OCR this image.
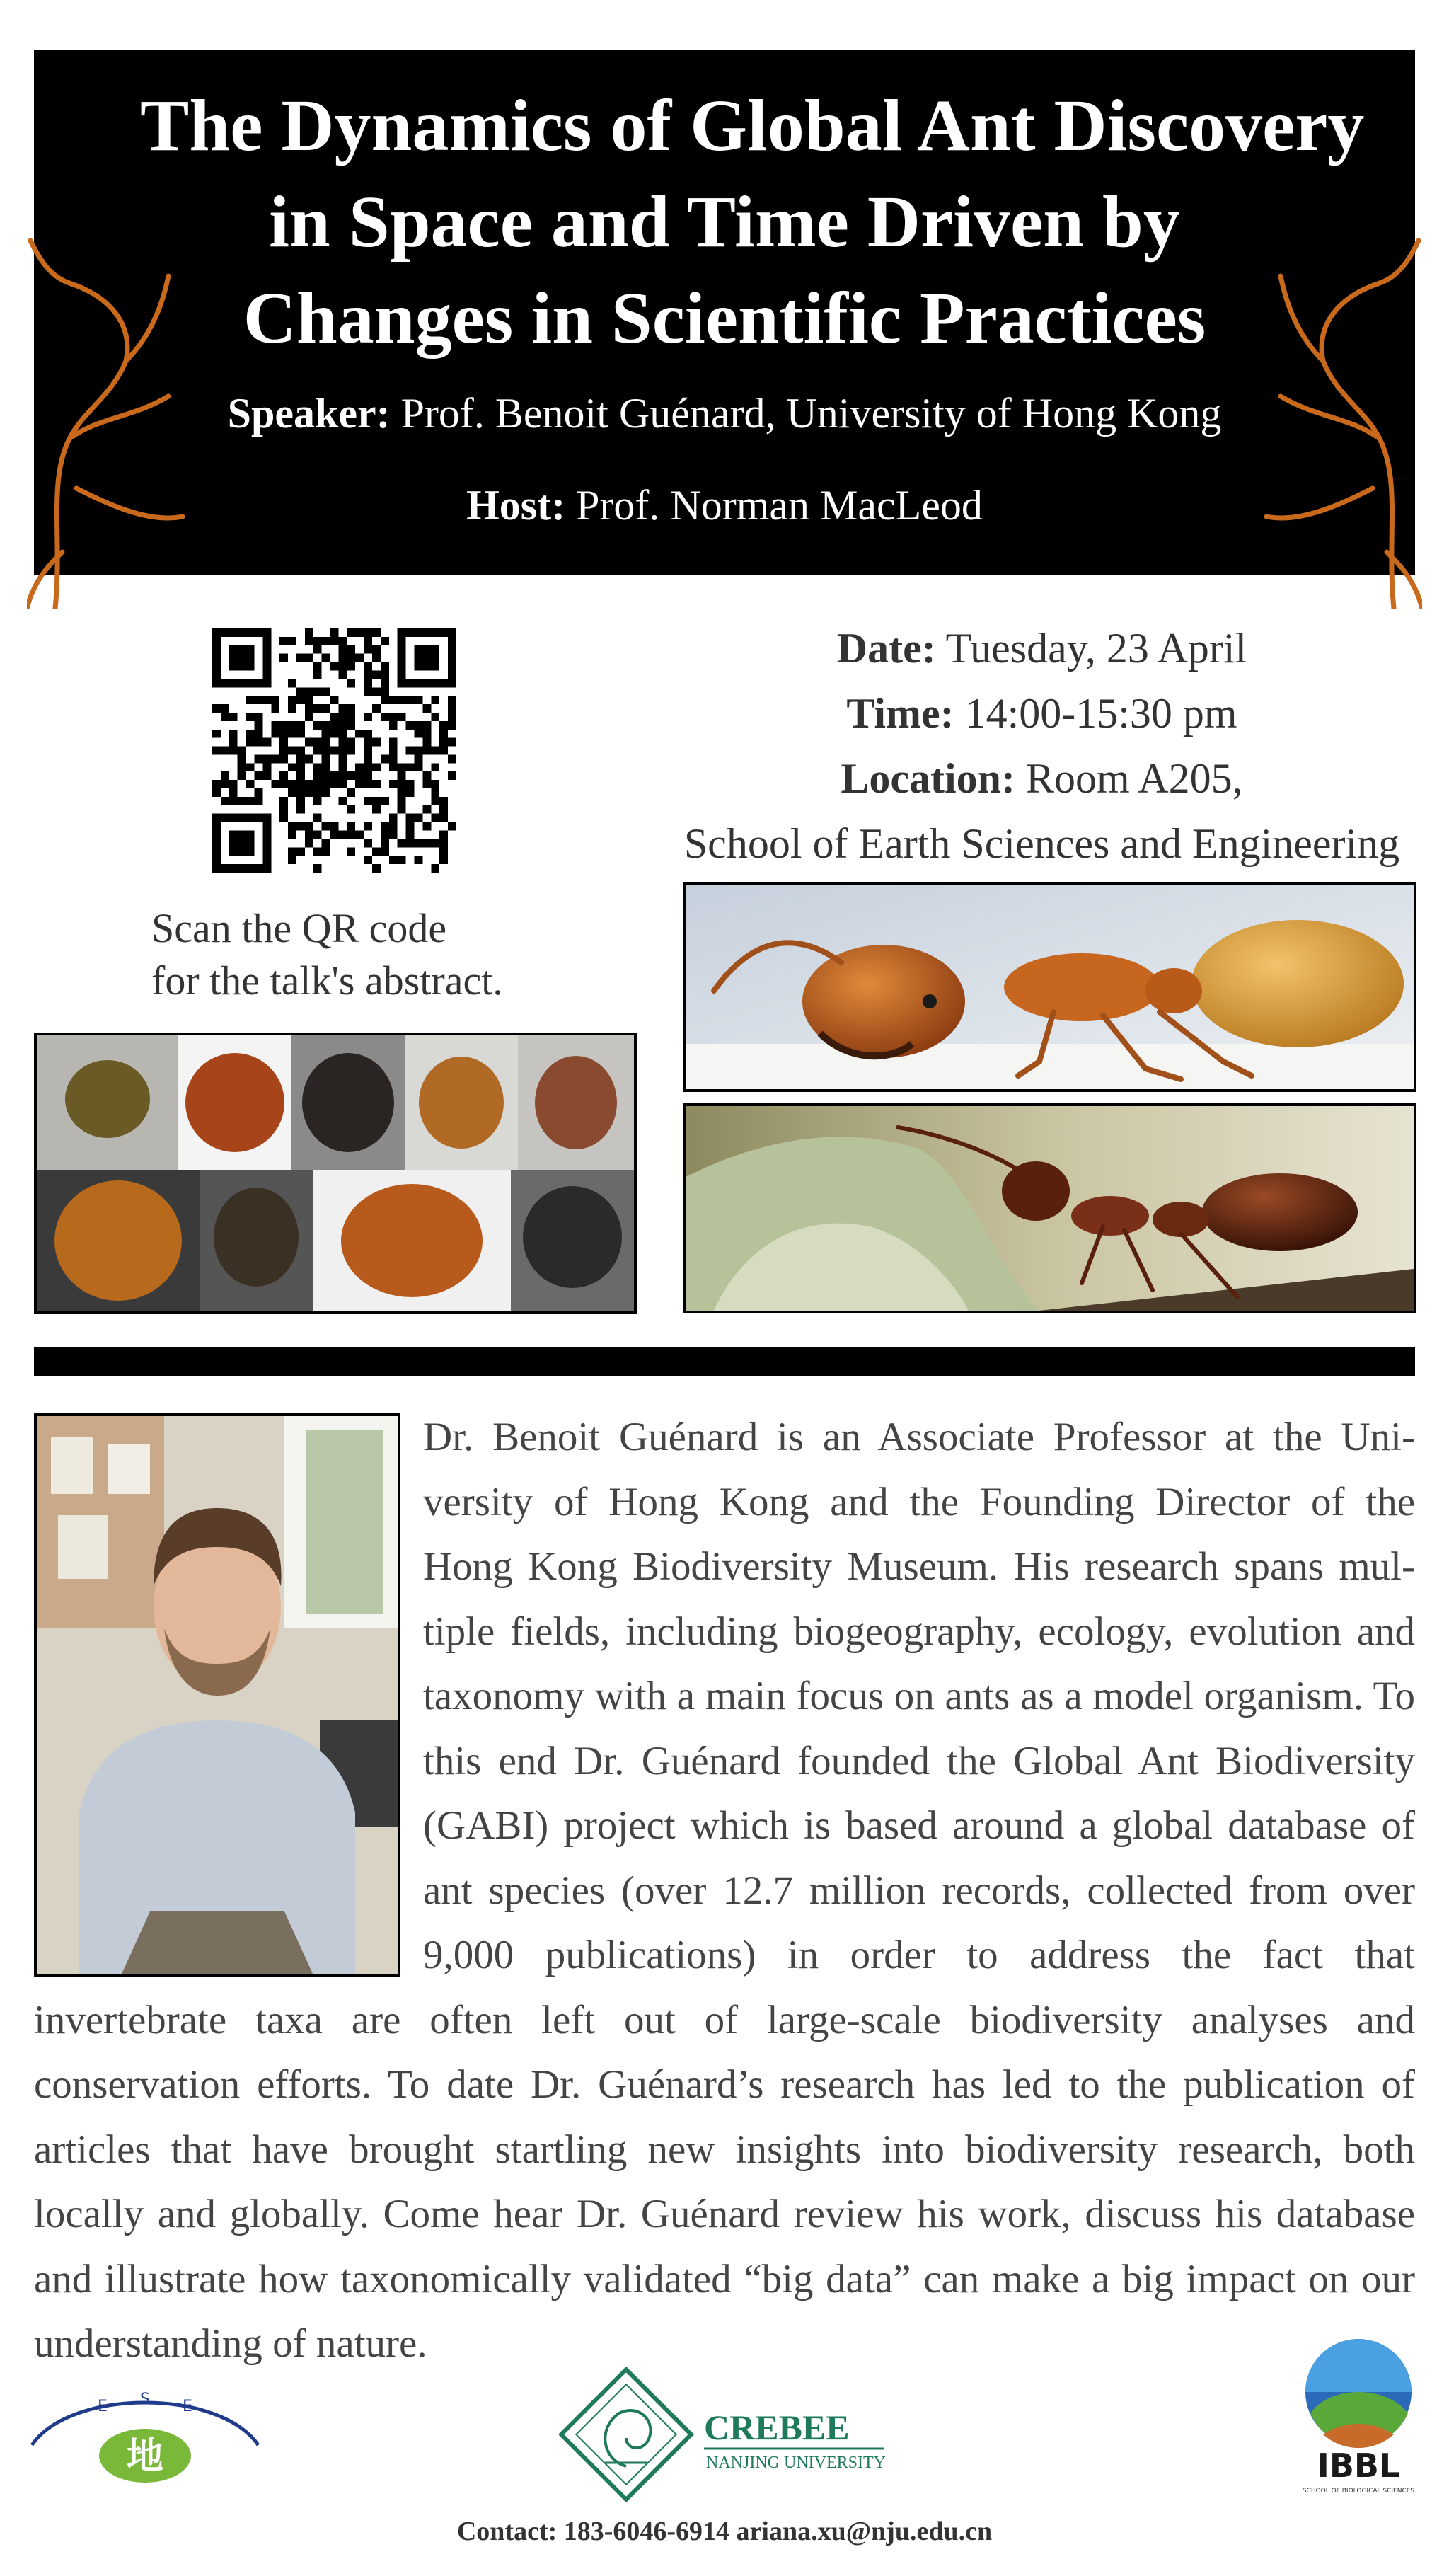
The Dynamics of Global Ant Discovery
in Space and Time Driven by
Changes in Scientific Practices
Speaker: Prof. Benoit Guénard, University of Hong Kong
Host: Prof. Norman MacLeod
Scan the QR code
for the talk's abstract.
Date: Tuesday, 23 April
Time: 14:00-15:30 pm
Location: Room A205,
School of Earth Sciences and Engineering
Dr. Benoit Guénard is an Associate Professor at the University of Hong Kong and the Founding Director of the Hong Kong Biodiversity Museum. His research spans multiple fields, including biogeography, ecology, evolution and taxonomy with a main focus on ants as a model organism. To this end Dr. Guénard founded the Global Ant Biodiversity (GABI) project which is based around a global database of ant species (over 12.7 million records, collected from over 9,000 publications) in order to address the fact that invertebrate taxa are often left out of large-scale biodiversity analyses and conservation efforts. To date Dr. Guénard’s research has led to the publication of articles that have brought startling new insights into biodiversity research, both locally and globally. Come hear Dr. Guénard review his work, discuss his database and illustrate how taxonomically validated “big data” can make a big impact on our understanding of nature.
E S E
地
CREBEE
NANJING UNIVERSITY	IBBL
SCHOOL OF BIOLOGICAL SCIENCES
Contact: 183-6046-6914 ariana.xu@nju.edu.cn
